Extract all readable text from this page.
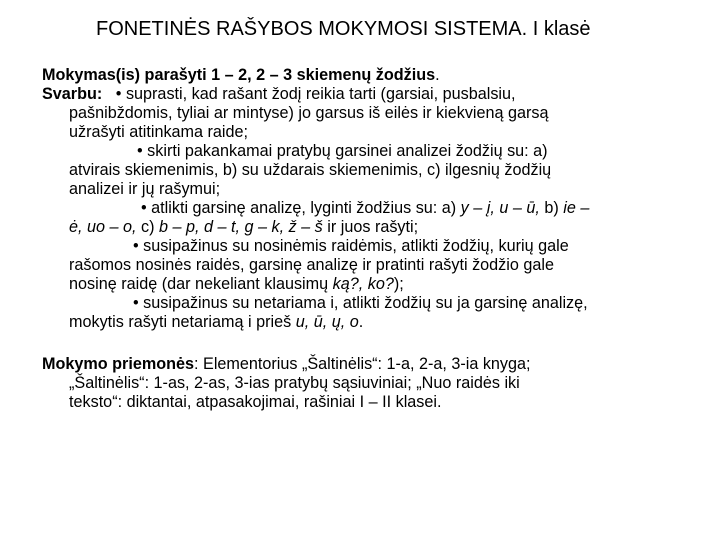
FONETINĖS RAŠYBOS MOKYMOSI SISTEMA. I klasė
Mokymas(is) parašyti 1 – 2, 2 – 3 skiemenų žodžius.
Svarbu: • suprasti, kad rašant žodį reikia tarti (garsiai, pusbalsiu,
pašnibždomis, tyliai ar mintyse) jo garsus iš eilės ir kiekvieną garsą
užrašyti atitinkama raide;
• skirti pakankamai pratybų garsinei analizei žodžių su: a)
atvirais skiemenimis, b) su uždarais skiemenimis, c) ilgesnių žodžių
analizei ir jų rašymui;
• atlikti garsinę analizę, lyginti žodžius su: a) y – į, u – ū, b) ie –
ė, uo – o, c) b – p, d – t, g – k, ž – š ir juos rašyti;
• susipažinus su nosinėmis raidėmis, atlikti žodžių, kurių gale
rašomos nosinės raidės, garsinę analizę ir pratinti rašyti žodžio gale
nosinę raidę (dar nekeliant klausimų ką?, ko?);
• susipažinus su netariama i, atlikti žodžių su ja garsinę analizę,
mokytis rašyti netariamą i prieš u, ū, ų, o.
Mokymo priemonės: Elementorius „Šaltinėlis“: 1-a, 2-a, 3-ia knyga;
„Šaltinėlis“: 1-as, 2-as, 3-ias pratybų sąsiuviniai; „Nuo raidės iki
teksto“: diktantai, atpasakojimai, rašiniai I – II klasei.
